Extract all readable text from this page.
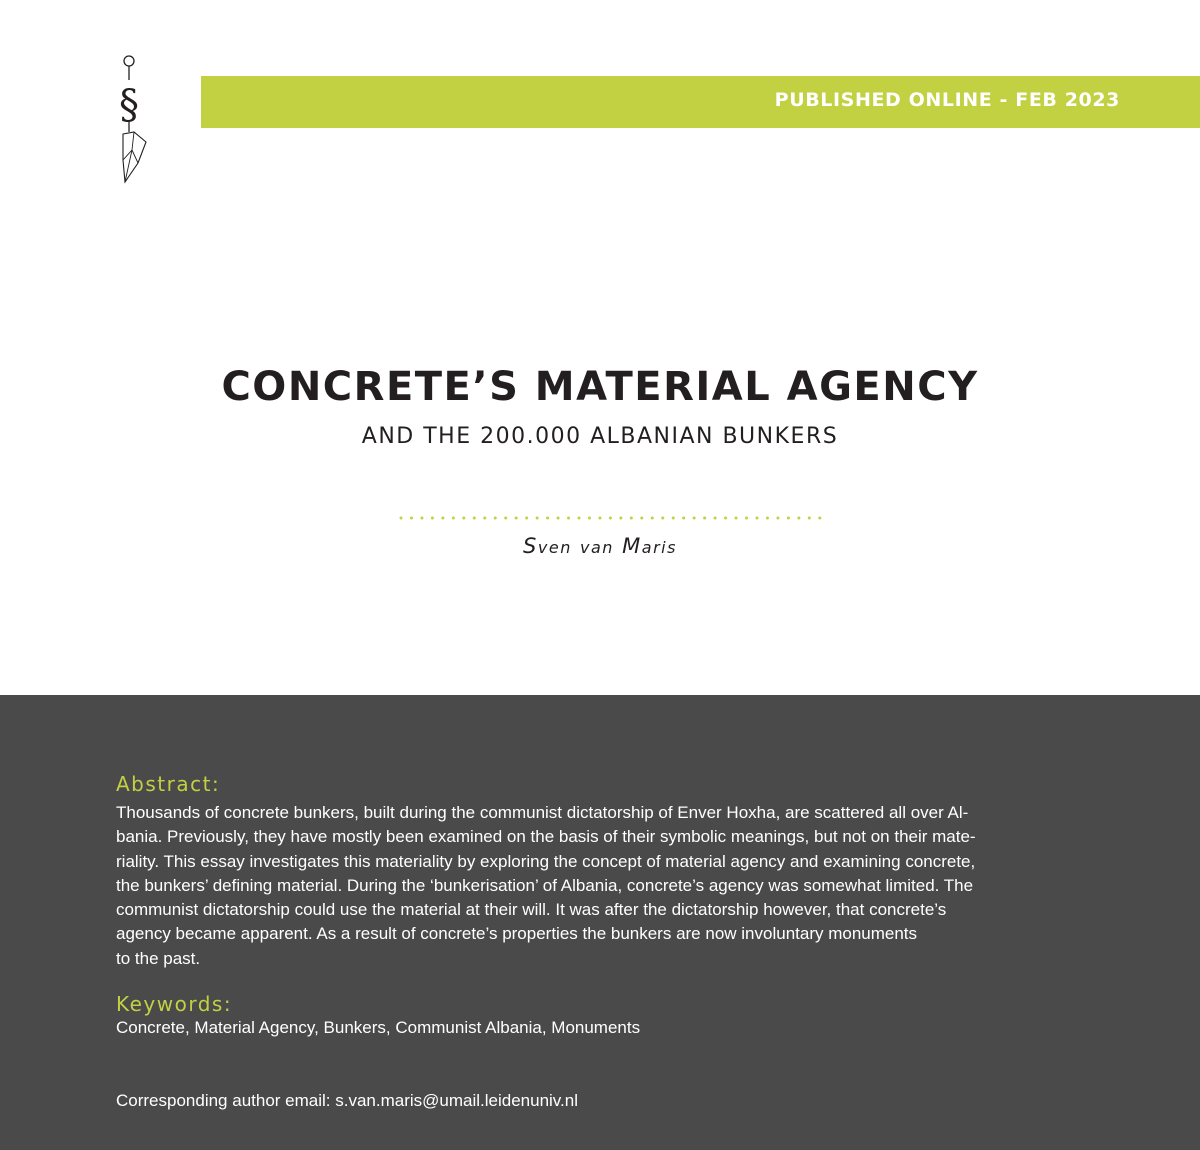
§	PUBLISHED ONLINE - FEB 2023
CONCRETE’S MATERIAL AGENCY
AND THE 200.000 ALBANIAN BUNKERS
Sven van Maris
Abstract:
Thousands of concrete bunkers, built during the communist dictatorship of Enver Hoxha, are scattered all over Al-
bania. Previously, they have mostly been examined on the basis of their symbolic meanings, but not on their mate-
riality. This essay investigates this materiality by exploring the concept of material agency and examining concrete,
the bunkers’ defining material. During the ‘bunkerisation’ of Albania, concrete’s agency was somewhat limited. The
communist dictatorship could use the material at their will. It was after the dictatorship however, that concrete’s
agency became apparent. As a result of concrete’s properties the bunkers are now involuntary monuments
to the past.
Keywords:
Concrete, Material Agency, Bunkers, Communist Albania, Monuments
Corresponding author email: s.van.maris@umail.leidenuniv.nl
